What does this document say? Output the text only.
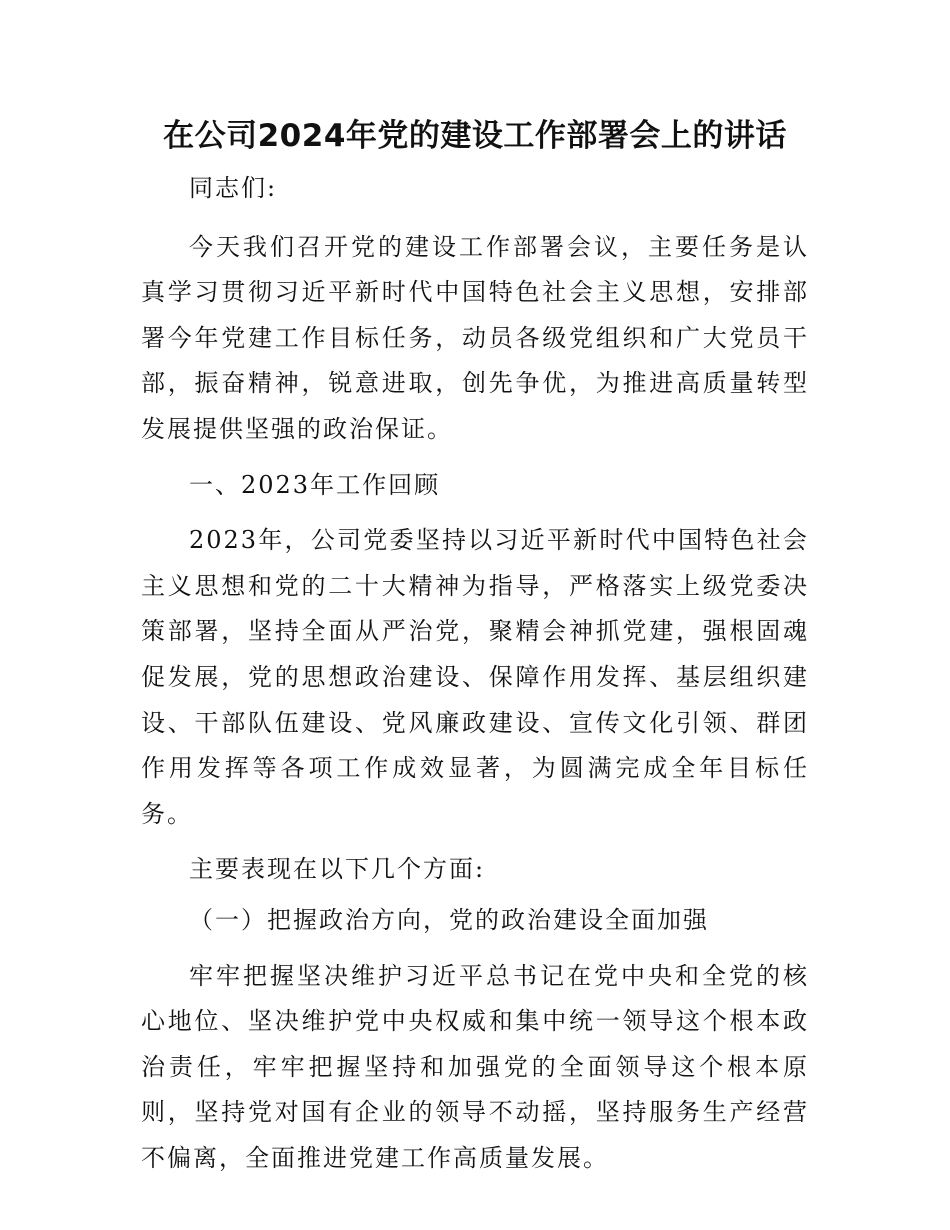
在公司2024年党的建设工作部署会上的讲话

同志们:

今天我们召开党的建设工作部署会议，主要任务是认真学习贯彻习近平新时代中国特色社会主义思想，安排部署今年党建工作目标任务，动员各级党组织和广大党员干部，振奋精神，锐意进取，创先争优，为推进高质量转型发展提供坚强的政治保证。

一、2023年工作回顾

2023年，公司党委坚持以习近平新时代中国特色社会主义思想和党的二十大精神为指导，严格落实上级党委决策部署，坚持全面从严治党，聚精会神抓党建，强根固魂促发展，党的思想政治建设、保障作用发挥、基层组织建设、干部队伍建设、党风廉政建设、宣传文化引领、群团作用发挥等各项工作成效显著，为圆满完成全年目标任务。

主要表现在以下几个方面:

（一）把握政治方向，党的政治建设全面加强

牢牢把握坚决维护习近平总书记在党中央和全党的核心地位、坚决维护党中央权威和集中统一领导这个根本政治责任，牢牢把握坚持和加强党的全面领导这个根本原则，坚持党对国有企业的领导不动摇，坚持服务生产经营不偏离，全面推进党建工作高质量发展。
